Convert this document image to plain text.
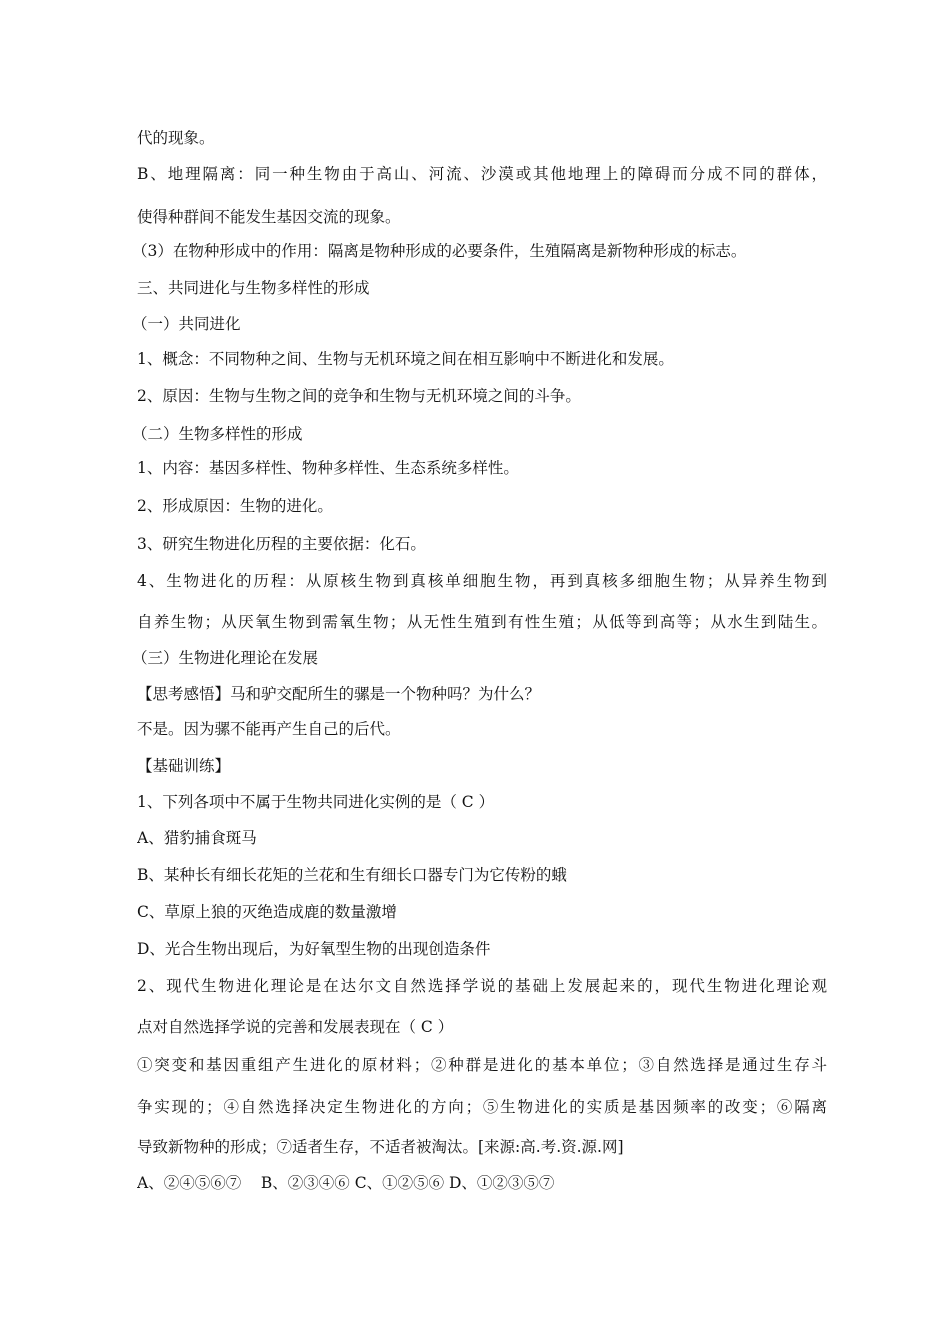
代的现象。
B、地理隔离：同一种生物由于高山、河流、沙漠或其他地理上的障碍而分成不同的群体，
使得种群间不能发生基因交流的现象。
（3）在物种形成中的作用：隔离是物种形成的必要条件，生殖隔离是新物种形成的标志。
三、共同进化与生物多样性的形成
（一）共同进化
1、概念：不同物种之间、生物与无机环境之间在相互影响中不断进化和发展。
2、原因：生物与生物之间的竞争和生物与无机环境之间的斗争。
（二）生物多样性的形成
1、内容：基因多样性、物种多样性、生态系统多样性。
2、形成原因：生物的进化。
3、研究生物进化历程的主要依据：化石。
4、生物进化的历程：从原核生物到真核单细胞生物，再到真核多细胞生物；从异养生物到
自养生物；从厌氧生物到需氧生物；从无性生殖到有性生殖；从低等到高等；从水生到陆生。
（三）生物进化理论在发展
【思考感悟】马和驴交配所生的骡是一个物种吗？为什么？
不是。因为骡不能再产生自己的后代。
【基础训练】
1、下列各项中不属于生物共同进化实例的是（ C ）
A、猎豹捕食斑马
B、某种长有细长花矩的兰花和生有细长口器专门为它传粉的蛾
C、草原上狼的灭绝造成鹿的数量激增
D、光合生物出现后，为好氧型生物的出现创造条件
2、现代生物进化理论是在达尔文自然选择学说的基础上发展起来的，现代生物进化理论观
点对自然选择学说的完善和发展表现在（ C ）
①突变和基因重组产生进化的原材料；②种群是进化的基本单位；③自然选择是通过生存斗
争实现的；④自然选择决定生物进化的方向；⑤生物进化的实质是基因频率的改变；⑥隔离
导致新物种的形成；⑦适者生存，不适者被淘汰。[来源:高.考.资.源.网]
A、②④⑤⑥⑦    B、②③④⑥ C、①②⑤⑥ D、①②③⑤⑦
